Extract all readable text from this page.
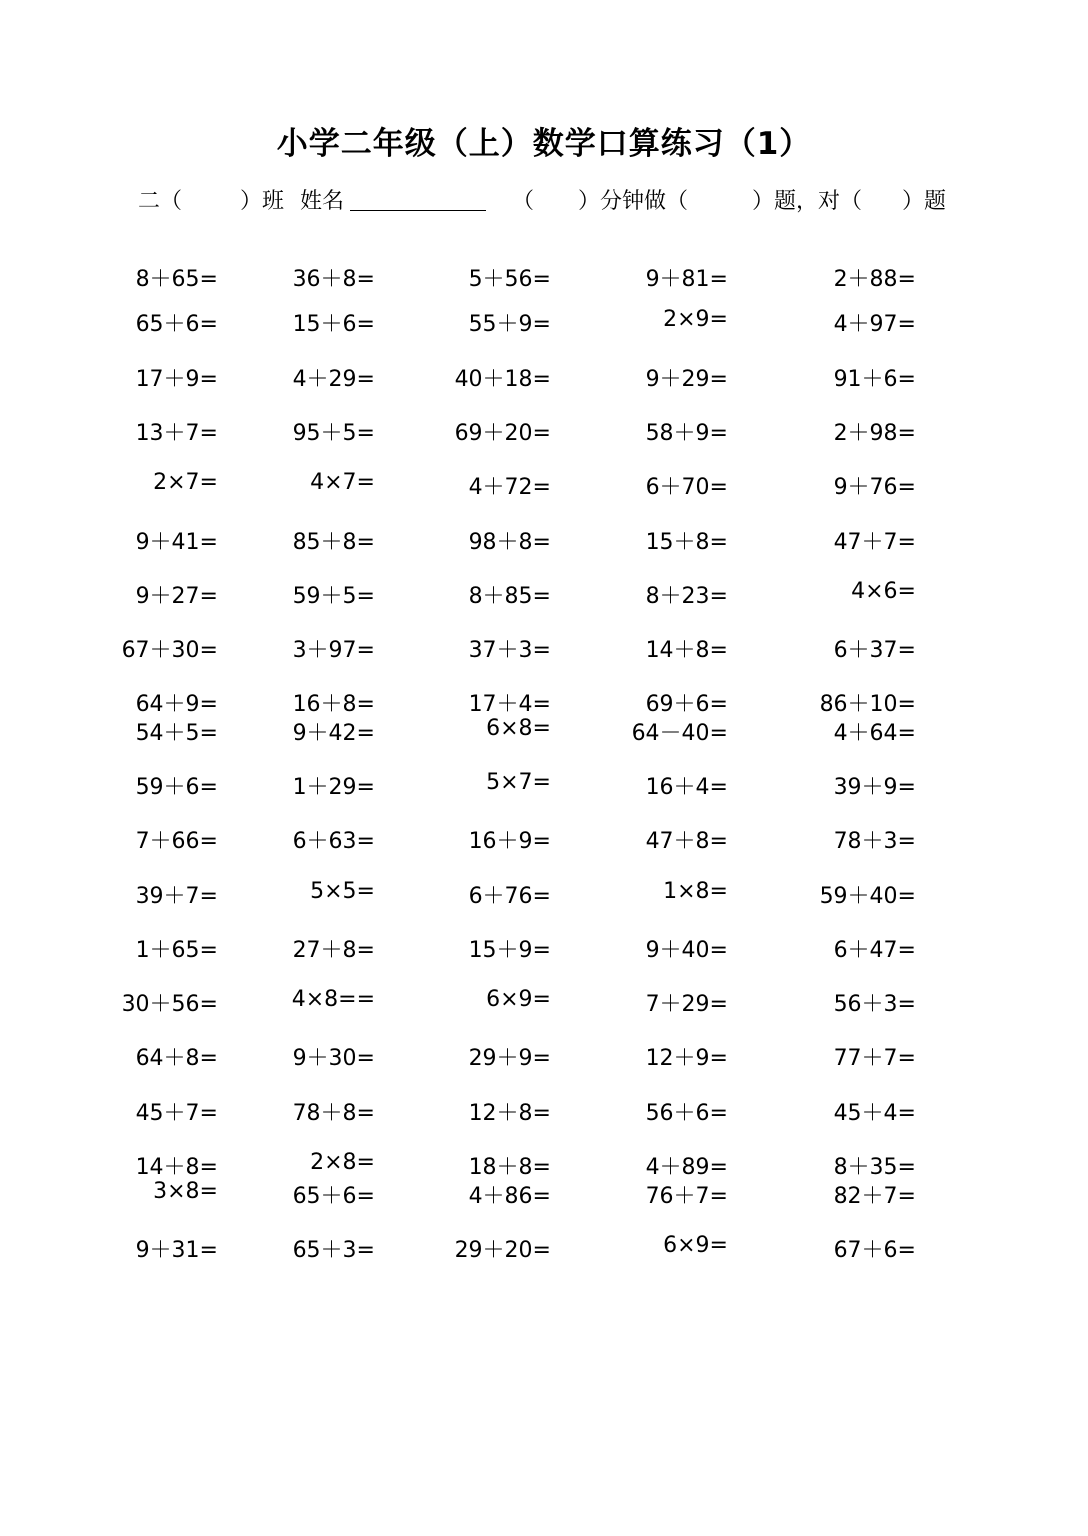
小学二年级（上）数学口算练习（1）
二（	）班 姓名	（ ）分钟做（	）题，对（ ）题
8＋65=	36＋8=	5＋56=	9＋81=	2＋88=
65＋6=	15＋6=	55＋9=	2×9=	4＋97=
17＋9=	4＋29=	40＋18=	9＋29=	91＋6=
13＋7=	95＋5=	69＋20=	58＋9=	2＋98=
2×7=	4×7=	4＋72=	6＋70=	9＋76=
9＋41=	85＋8=	98＋8=	15＋8=	47＋7=
9＋27=	59＋5=	8＋85=	8＋23=	4×6=
67＋30=	3＋97=	37＋3=	14＋8=	6＋37=
64＋9=	16＋8=	17＋4=	69＋6=	86＋10=
54＋5=	9＋42=	6×8=	64－40=	4＋64=
59＋6=	1＋29=	5×7=	16＋4=	39＋9=
7＋66=	6＋63=	16＋9=	47＋8=	78＋3=
39＋7=	5×5=	6＋76=	1×8=	59＋40=
1＋65=	27＋8=	15＋9=	9＋40=	6＋47=
30＋56=	4×8==	6×9=	7＋29=	56＋3=
64＋8=	9＋30=	29＋9=	12＋9=	77＋7=
45＋7=	78＋8=	12＋8=	56＋6=	45＋4=
14＋8=	2×8=	18＋8=	4＋89=	8＋35=
3×8=	65＋6=	4＋86=	76＋7=	82＋7=
9＋31=	65＋3=	29＋20=	6×9=	67＋6=
